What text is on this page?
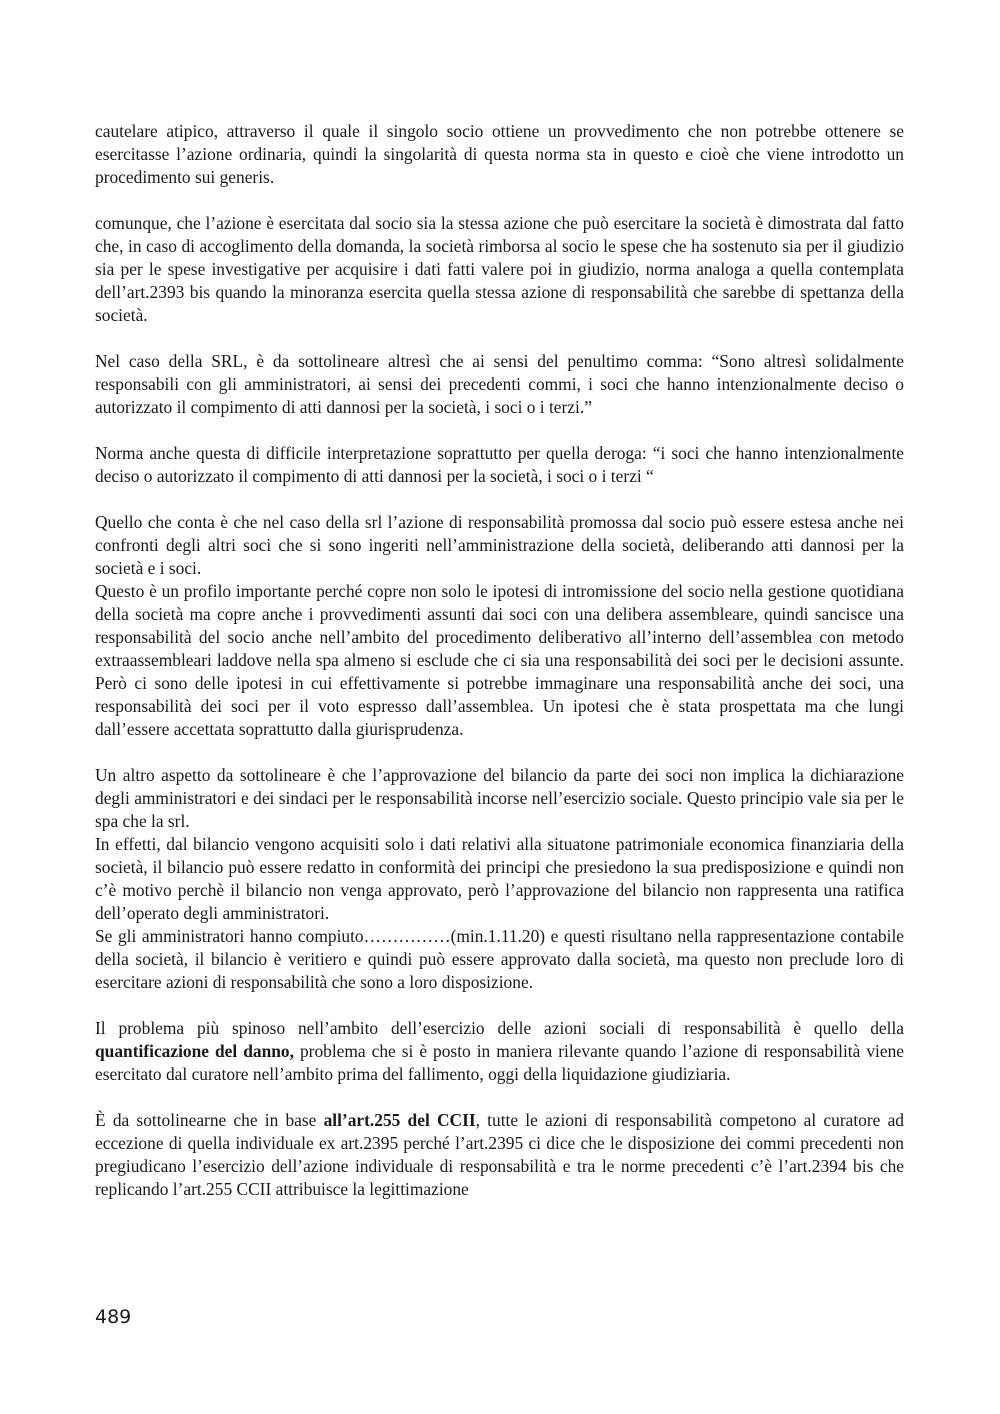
cautelare atipico, attraverso il quale il singolo socio ottiene un provvedimento che non potrebbe ottenere se esercitasse l’azione ordinaria, quindi la singolarità di questa norma sta in questo e cioè che viene introdotto un procedimento sui generis.

comunque, che l’azione è esercitata dal socio sia la stessa azione che può esercitare la società è dimostrata dal fatto che, in caso di accoglimento della domanda, la società rimborsa al socio le spese che ha sostenuto sia per il giudizio sia per le spese investigative per acquisire i dati fatti valere poi in giudizio, norma analoga a quella contemplata dell’art.2393 bis quando la minoranza esercita quella stessa azione di responsabilità che sarebbe di spettanza della società.

Nel caso della SRL, è da sottolineare altresì che ai sensi del penultimo comma: “Sono altresì solidalmente responsabili con gli amministratori, ai sensi dei precedenti commi, i soci che hanno intenzionalmente deciso o autorizzato il compimento di atti dannosi per la società, i soci o i terzi.”

Norma anche questa di difficile interpretazione soprattutto per quella deroga: “i soci che hanno intenzionalmente deciso o autorizzato il compimento di atti dannosi per la società, i soci o i terzi “

Quello che conta è che nel caso della srl l’azione di responsabilità promossa dal socio può essere estesa anche nei confronti degli altri soci che si sono ingeriti nell’amministrazione della società, deliberando atti dannosi per la società e i soci.

Questo è un profilo importante perché copre non solo le ipotesi di intromissione del socio nella gestione quotidiana della società ma copre anche i provvedimenti assunti dai soci con una delibera assembleare, quindi sancisce una responsabilità del socio anche nell’ambito del procedimento deliberativo all’interno dell’assemblea con metodo extraassembleari laddove nella spa almeno si esclude che ci sia una responsabilità dei soci per le decisioni assunte. Però ci sono delle ipotesi in cui effettivamente si potrebbe immaginare una responsabilità anche dei soci, una responsabilità dei soci per il voto espresso dall’assemblea. Un ipotesi che è stata prospettata ma che lungi dall’essere accettata soprattutto dalla giurisprudenza.

Un altro aspetto da sottolineare è che l’approvazione del bilancio da parte dei soci non implica la dichiarazione degli amministratori e dei sindaci per le responsabilità incorse nell’esercizio sociale. Questo principio vale sia per le spa che la srl.

In effetti, dal bilancio vengono acquisiti solo i dati relativi alla situatone patrimoniale economica finanziaria della società, il bilancio può essere redatto in conformità dei principi che presiedono la sua predisposizione e quindi non c’è motivo perchè il bilancio non venga approvato, però l’approvazione del bilancio non rappresenta una ratifica dell’operato degli amministratori.

Se gli amministratori hanno compiuto……………(min.1.11.20) e questi risultano nella rappresentazione contabile della società, il bilancio è veritiero e quindi può essere approvato dalla società, ma questo non preclude loro di esercitare azioni di responsabilità che sono a loro disposizione.

Il problema più spinoso nell’ambito dell’esercizio delle azioni sociali di responsabilità è quello della quantificazione del danno, problema che si è posto in maniera rilevante quando l’azione di responsabilità viene esercitato dal curatore nell’ambito prima del fallimento, oggi della liquidazione giudiziaria.

È da sottolinearne che in base all’art.255 del CCII, tutte le azioni di responsabilità competono al curatore ad eccezione di quella individuale ex art.2395 perché l’art.2395 ci dice che le disposizione dei commi precedenti non pregiudicano l’esercizio dell’azione individuale di responsabilità e tra le norme precedenti c’è l’art.2394 bis che replicando l’art.255 CCII attribuisce la legittimazione

489
